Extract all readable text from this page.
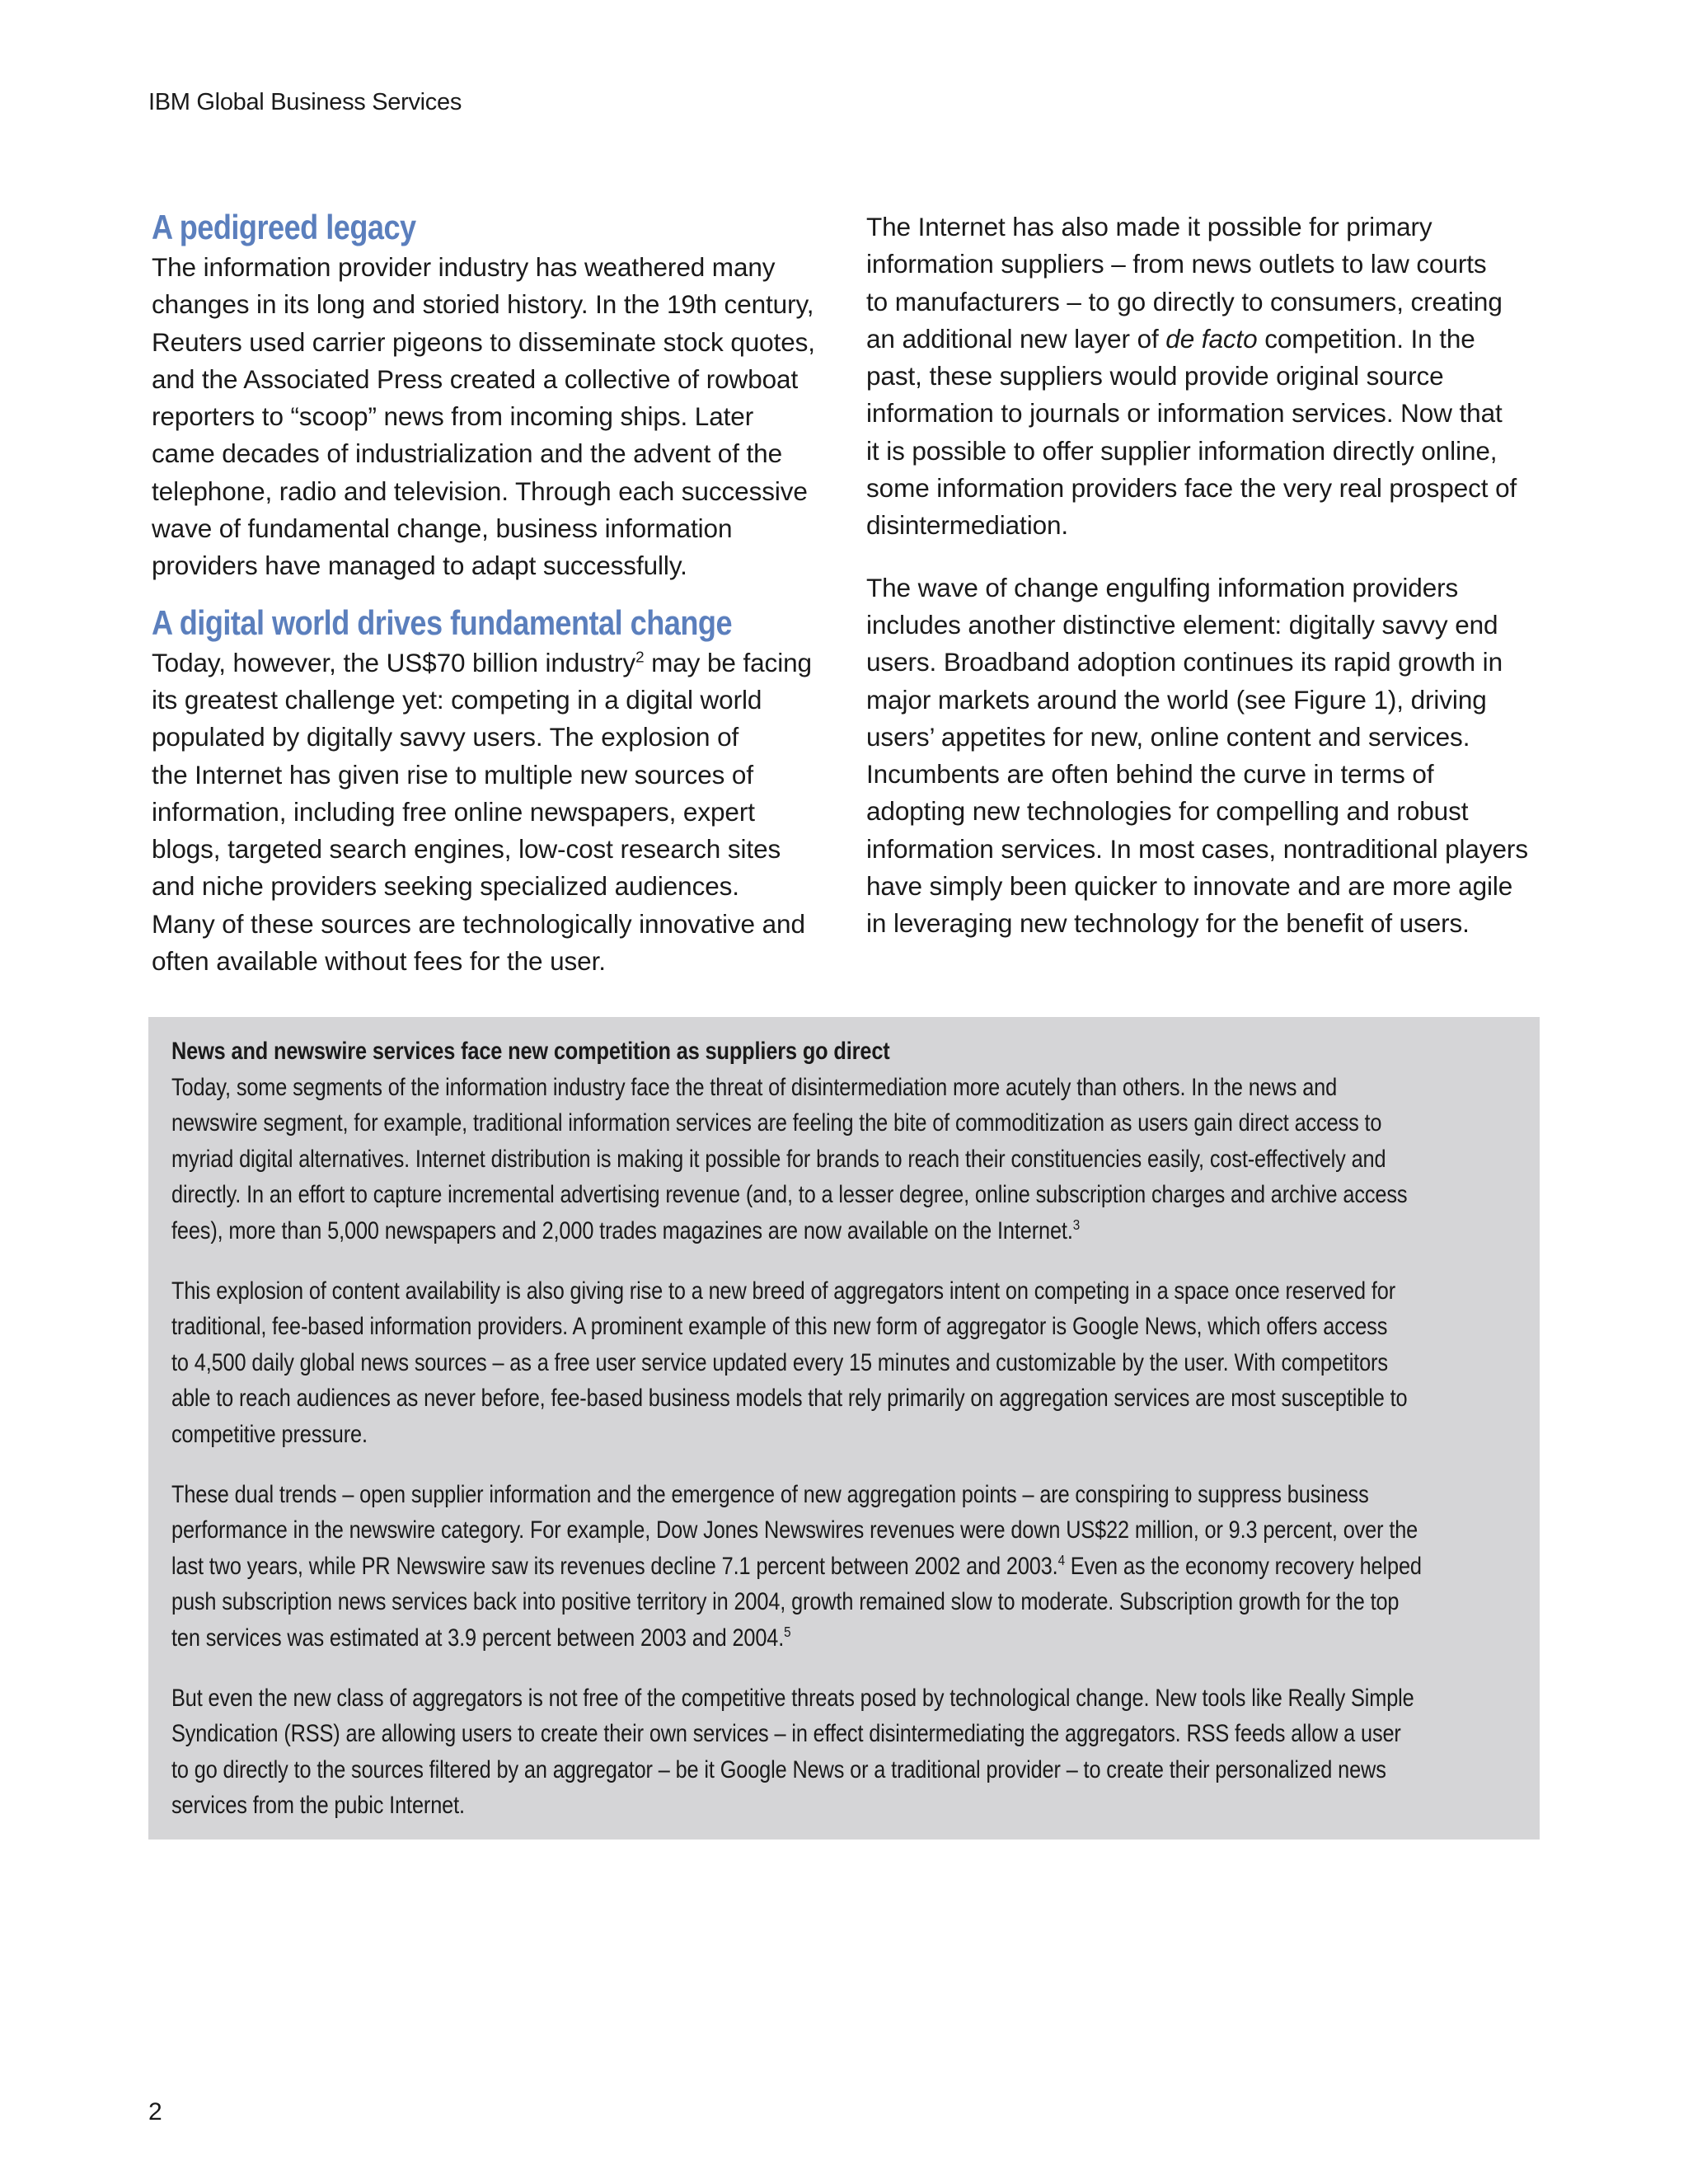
IBM Global Business Services
A pedigreed legacy

The information provider industry has weathered many
changes in its long and storied history. In the 19th century,
Reuters used carrier pigeons to disseminate stock quotes,
and the Associated Press created a collective of rowboat
reporters to “scoop” news from incoming ships. Later
came decades of industrialization and the advent of the
telephone, radio and television. Through each successive
wave of fundamental change, business information
providers have managed to adapt successfully.

A digital world drives fundamental change

Today, however, the US$70 billion industry$^2$ may be facing
its greatest challenge yet: competing in a digital world
populated by digitally savvy users. The explosion of
the Internet has given rise to multiple new sources of
information, including free online newspapers, expert
blogs, targeted search engines, low-cost research sites
and niche providers seeking specialized audiences.
Many of these sources are technologically innovative and
often available without fees for the user.

The Internet has also made it possible for primary
information suppliers – from news outlets to law courts
to manufacturers – to go directly to consumers, creating
an additional new layer of de facto competition. In the
past, these suppliers would provide original source
information to journals or information services. Now that
it is possible to offer supplier information directly online,
some information providers face the very real prospect of
disintermediation.

The wave of change engulfing information providers
includes another distinctive element: digitally savvy end
users. Broadband adoption continues its rapid growth in
major markets around the world (see Figure 1), driving
users’ appetites for new, online content and services.
Incumbents are often behind the curve in terms of
adopting new technologies for compelling and robust
information services. In most cases, nontraditional players
have simply been quicker to innovate and are more agile
in leveraging new technology for the benefit of users.

News and newswire services face new competition as suppliers go direct

Today, some segments of the information industry face the threat of disintermediation more acutely than others. In the news and
newswire segment, for example, traditional information services are feeling the bite of commoditization as users gain direct access to
myriad digital alternatives. Internet distribution is making it possible for brands to reach their constituencies easily, cost-effectively and
directly. In an effort to capture incremental advertising revenue (and, to a lesser degree, online subscription charges and archive access
fees), more than 5,000 newspapers and 2,000 trades magazines are now available on the Internet.$^3$

This explosion of content availability is also giving rise to a new breed of aggregators intent on competing in a space once reserved for
traditional, fee-based information providers. A prominent example of this new form of aggregator is Google News, which offers access
to 4,500 daily global news sources – as a free user service updated every 15 minutes and customizable by the user. With competitors
able to reach audiences as never before, fee-based business models that rely primarily on aggregation services are most susceptible to
competitive pressure.

These dual trends – open supplier information and the emergence of new aggregation points – are conspiring to suppress business
performance in the newswire category. For example, Dow Jones Newswires revenues were down US$22 million, or 9.3 percent, over the
last two years, while PR Newswire saw its revenues decline 7.1 percent between 2002 and 2003.$^4$ Even as the economy recovery helped
push subscription news services back into positive territory in 2004, growth remained slow to moderate. Subscription growth for the top
ten services was estimated at 3.9 percent between 2003 and 2004.$^5$

But even the new class of aggregators is not free of the competitive threats posed by technological change. New tools like Really Simple
Syndication (RSS) are allowing users to create their own services – in effect disintermediating the aggregators. RSS feeds allow a user
to go directly to the sources filtered by an aggregator – be it Google News or a traditional provider – to create their personalized news
services from the pubic Internet.

2
